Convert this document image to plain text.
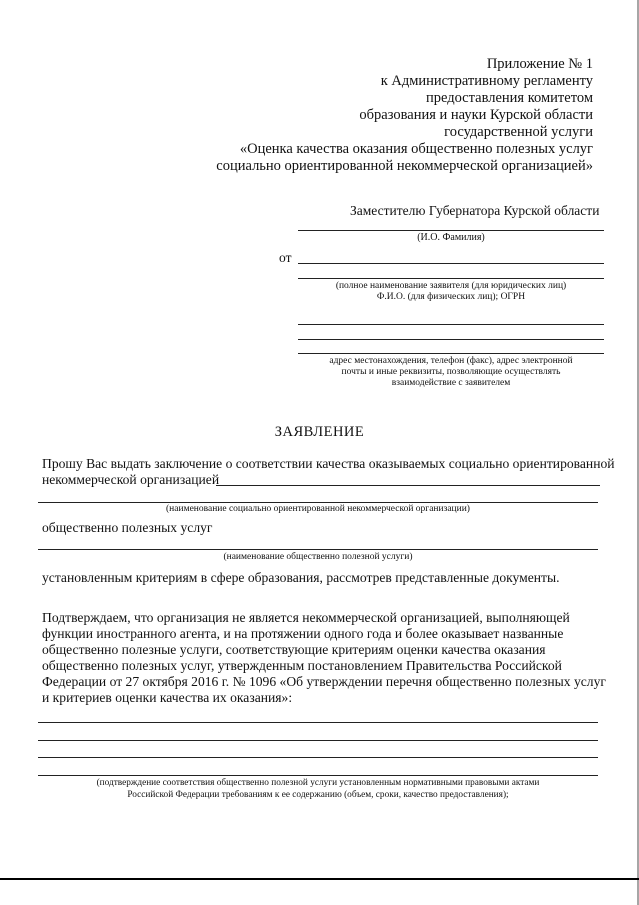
Приложение № 1
к Административному регламенту
предоставления комитетом
образования и науки Курской области
государственной услуги
«Оценка качества оказания общественно полезных услуг
социально ориентированной некоммерческой организацией»
Заместителю Губернатора Курской области
(И.О. Фамилия)
от
(полное наименование заявителя (для юридических лиц)
Ф.И.О. (для физических лиц); ОГРН
адрес местонахождения, телефон (факс), адрес электронной
почты и иные реквизиты, позволяющие осуществлять
взаимодействие с заявителем
ЗАЯВЛЕНИЕ
Прошу Вас выдать заключение о соответствии качества оказываемых социально ориентированной
некоммерческой организацией
(наименование социально ориентированной некоммерческой организации)
общественно полезных услуг
(наименование общественно полезной услуги)
установленным критериям в сфере образования, рассмотрев представленные документы.
Подтверждаем, что организация не является некоммерческой организацией, выполняющей
функции иностранного агента, и на протяжении одного года и более оказывает названные
общественно полезные услуги, соответствующие критериям оценки качества оказания
общественно полезных услуг, утвержденным постановлением Правительства Российской
Федерации от 27 октября 2016 г. № 1096 «Об утверждении перечня общественно полезных услуг
и критериев оценки качества их оказания»:
(подтверждение соответствия общественно полезной услуги установленным нормативными правовыми актами
Российской Федерации требованиям к ее содержанию (объем, сроки, качество предоставления);
